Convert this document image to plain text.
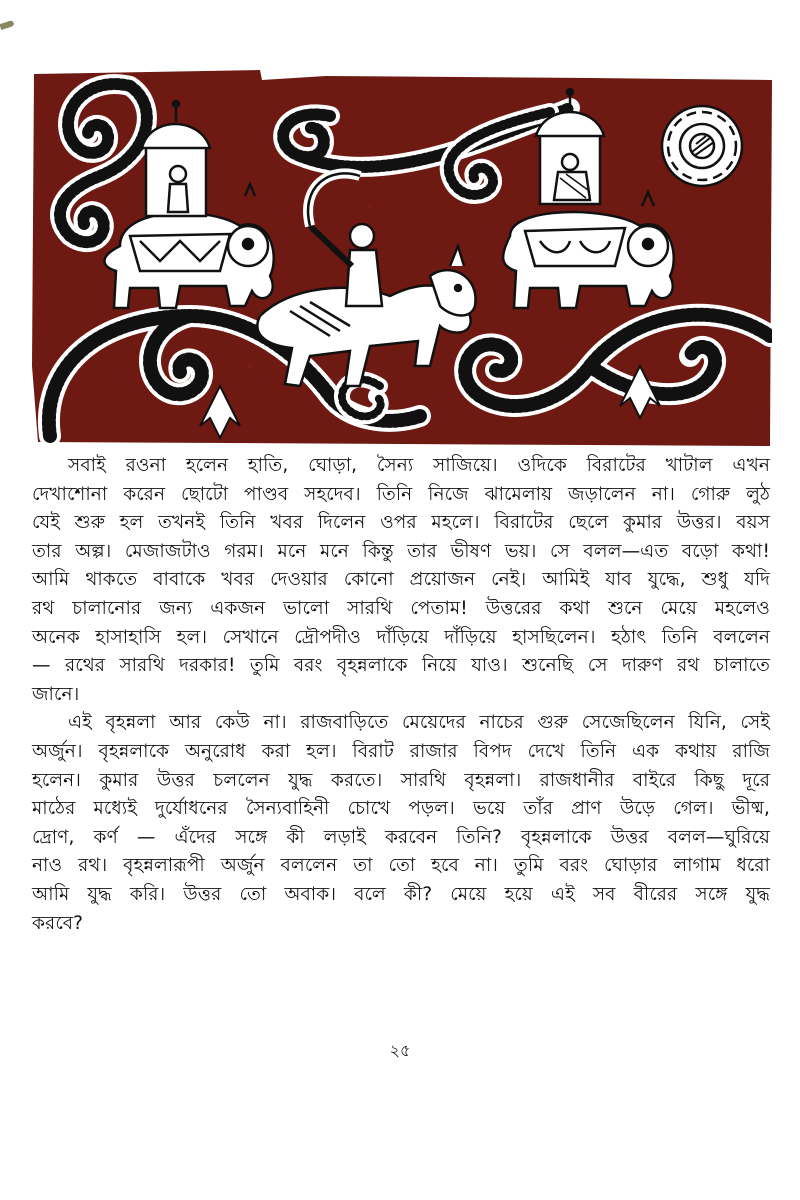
সবাই রওনা হলেন হাতি, ঘোড়া, সৈন্য সাজিয়ে। ওদিকে বিরাটের খাটাল এখন
দেখাশোনা করেন ছোটো পাণ্ডব সহদেব। তিনি নিজে ঝামেলায় জড়ালেন না। গোরু লুঠ
যেই শুরু হল তখনই তিনি খবর দিলেন ওপর মহলে। বিরাটের ছেলে কুমার উত্তর। বয়স
তার অল্প। মেজাজটাও গরম। মনে মনে কিন্তু তার ভীষণ ভয়। সে বলল—এত বড়ো কথা!
আমি থাকতে বাবাকে খবর দেওয়ার কোনো প্রয়োজন নেই। আমিই যাব যুদ্ধে, শুধু যদি
রথ চালানোর জন্য একজন ভালো সারথি পেতাম! উত্তরের কথা শুনে মেয়ে মহলেও
অনেক হাসাহাসি হল। সেখানে দ্রৌপদীও দাঁড়িয়ে দাঁড়িয়ে হাসছিলেন। হঠাৎ তিনি বললেন
— রথের সারথি দরকার! তুমি বরং বৃহন্নলাকে নিয়ে যাও। শুনেছি সে দারুণ রথ চালাতে
জানে।

এই বৃহন্নলা আর কেউ না। রাজবাড়িতে মেয়েদের নাচের গুরু সেজেছিলেন যিনি, সেই
অর্জুন। বৃহন্নলাকে অনুরোধ করা হল। বিরাট রাজার বিপদ দেখে তিনি এক কথায় রাজি
হলেন। কুমার উত্তর চললেন যুদ্ধ করতে। সারথি বৃহন্নলা। রাজধানীর বাইরে কিছু দূরে
মাঠের মধ্যেই দুর্যোধনের সৈন্যবাহিনী চোখে পড়ল। ভয়ে তাঁর প্রাণ উড়ে গেল। ভীষ্ম,
দ্রোণ, কর্ণ — এঁদের সঙ্গে কী লড়াই করবেন তিনি? বৃহন্নলাকে উত্তর বলল—ঘুরিয়ে
নাও রথ। বৃহন্নলারূপী অর্জুন বললেন তা তো হবে না। তুমি বরং ঘোড়ার লাগাম ধরো
আমি যুদ্ধ করি। উত্তর তো অবাক। বলে কী? মেয়ে হয়ে এই সব বীরের সঙ্গে যুদ্ধ
করবে?

২৫
